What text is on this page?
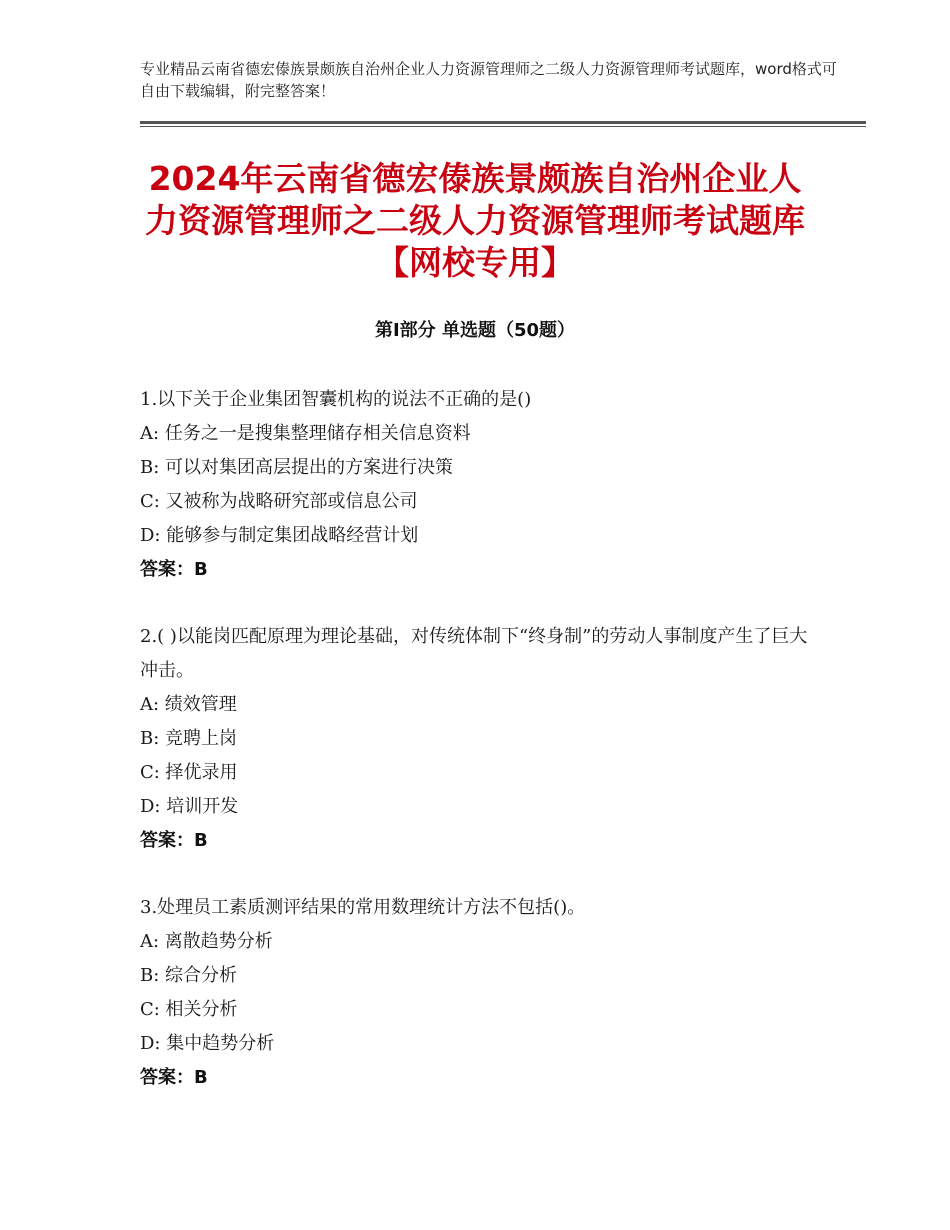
专业精品云南省德宏傣族景颇族自治州企业人力资源管理师之二级人力资源管理师考试题库，word格式可自由下载编辑，附完整答案！
2024年云南省德宏傣族景颇族自治州企业人力资源管理师之二级人力资源管理师考试题库【网校专用】
第Ⅰ部分 单选题（50题）
1.以下关于企业集团智囊机构的说法不正确的是()
A: 任务之一是搜集整理储存相关信息资料
B: 可以对集团高层提出的方案进行决策
C: 又被称为战略研究部或信息公司
D: 能够参与制定集团战略经营计划
答案：B
2.( )以能岗匹配原理为理论基础，对传统体制下“终身制”的劳动人事制度产生了巨大冲击。
A: 绩效管理
B: 竞聘上岗
C: 择优录用
D: 培训开发
答案：B
3.处理员工素质测评结果的常用数理统计方法不包括()。
A: 离散趋势分析
B: 综合分析
C: 相关分析
D: 集中趋势分析
答案：B
